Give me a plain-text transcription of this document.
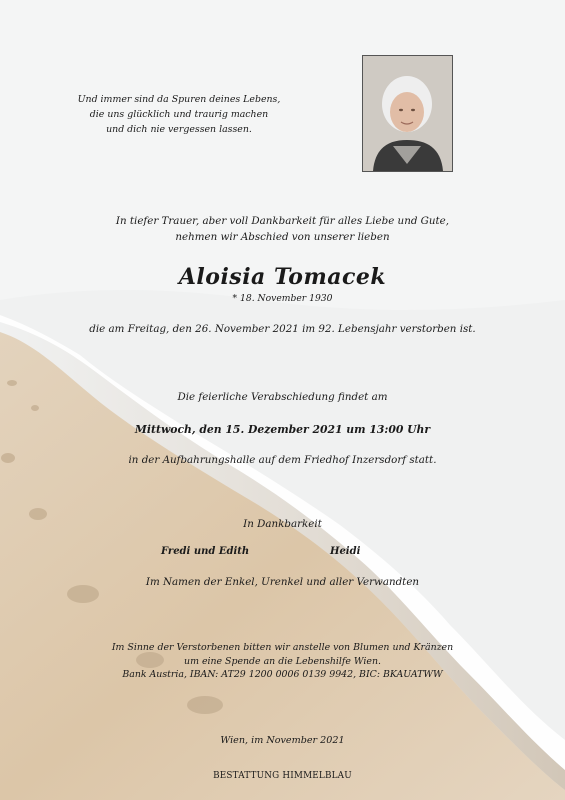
Und immer sind da Spuren deines Lebens,
die uns glücklich und traurig machen
und dich nie vergessen lassen.
In tiefer Trauer, aber voll Dankbarkeit für alles Liebe und Gute,
nehmen wir Abschied von unserer lieben
Aloisia Tomacek
* 18. November 1930
die am Freitag, den 26. November 2021 im 92. Lebensjahr verstorben ist.
Die feierliche Verabschiedung findet am
Mittwoch, den 15. Dezember 2021 um 13:00 Uhr
in der Aufbahrungshalle auf dem Friedhof Inzersdorf statt.
In Dankbarkeit
Fredi und Edith	Heidi
Im Namen der Enkel, Urenkel und aller Verwandten
Im Sinne der Verstorbenen bitten wir anstelle von Blumen und Kränzen
um eine Spende an die Lebenshilfe Wien.
Bank Austria, IBAN: AT29 1200 0006 0139 9942, BIC: BKAUATWW
Wien, im November 2021
BESTATTUNG HIMMELBLAU
